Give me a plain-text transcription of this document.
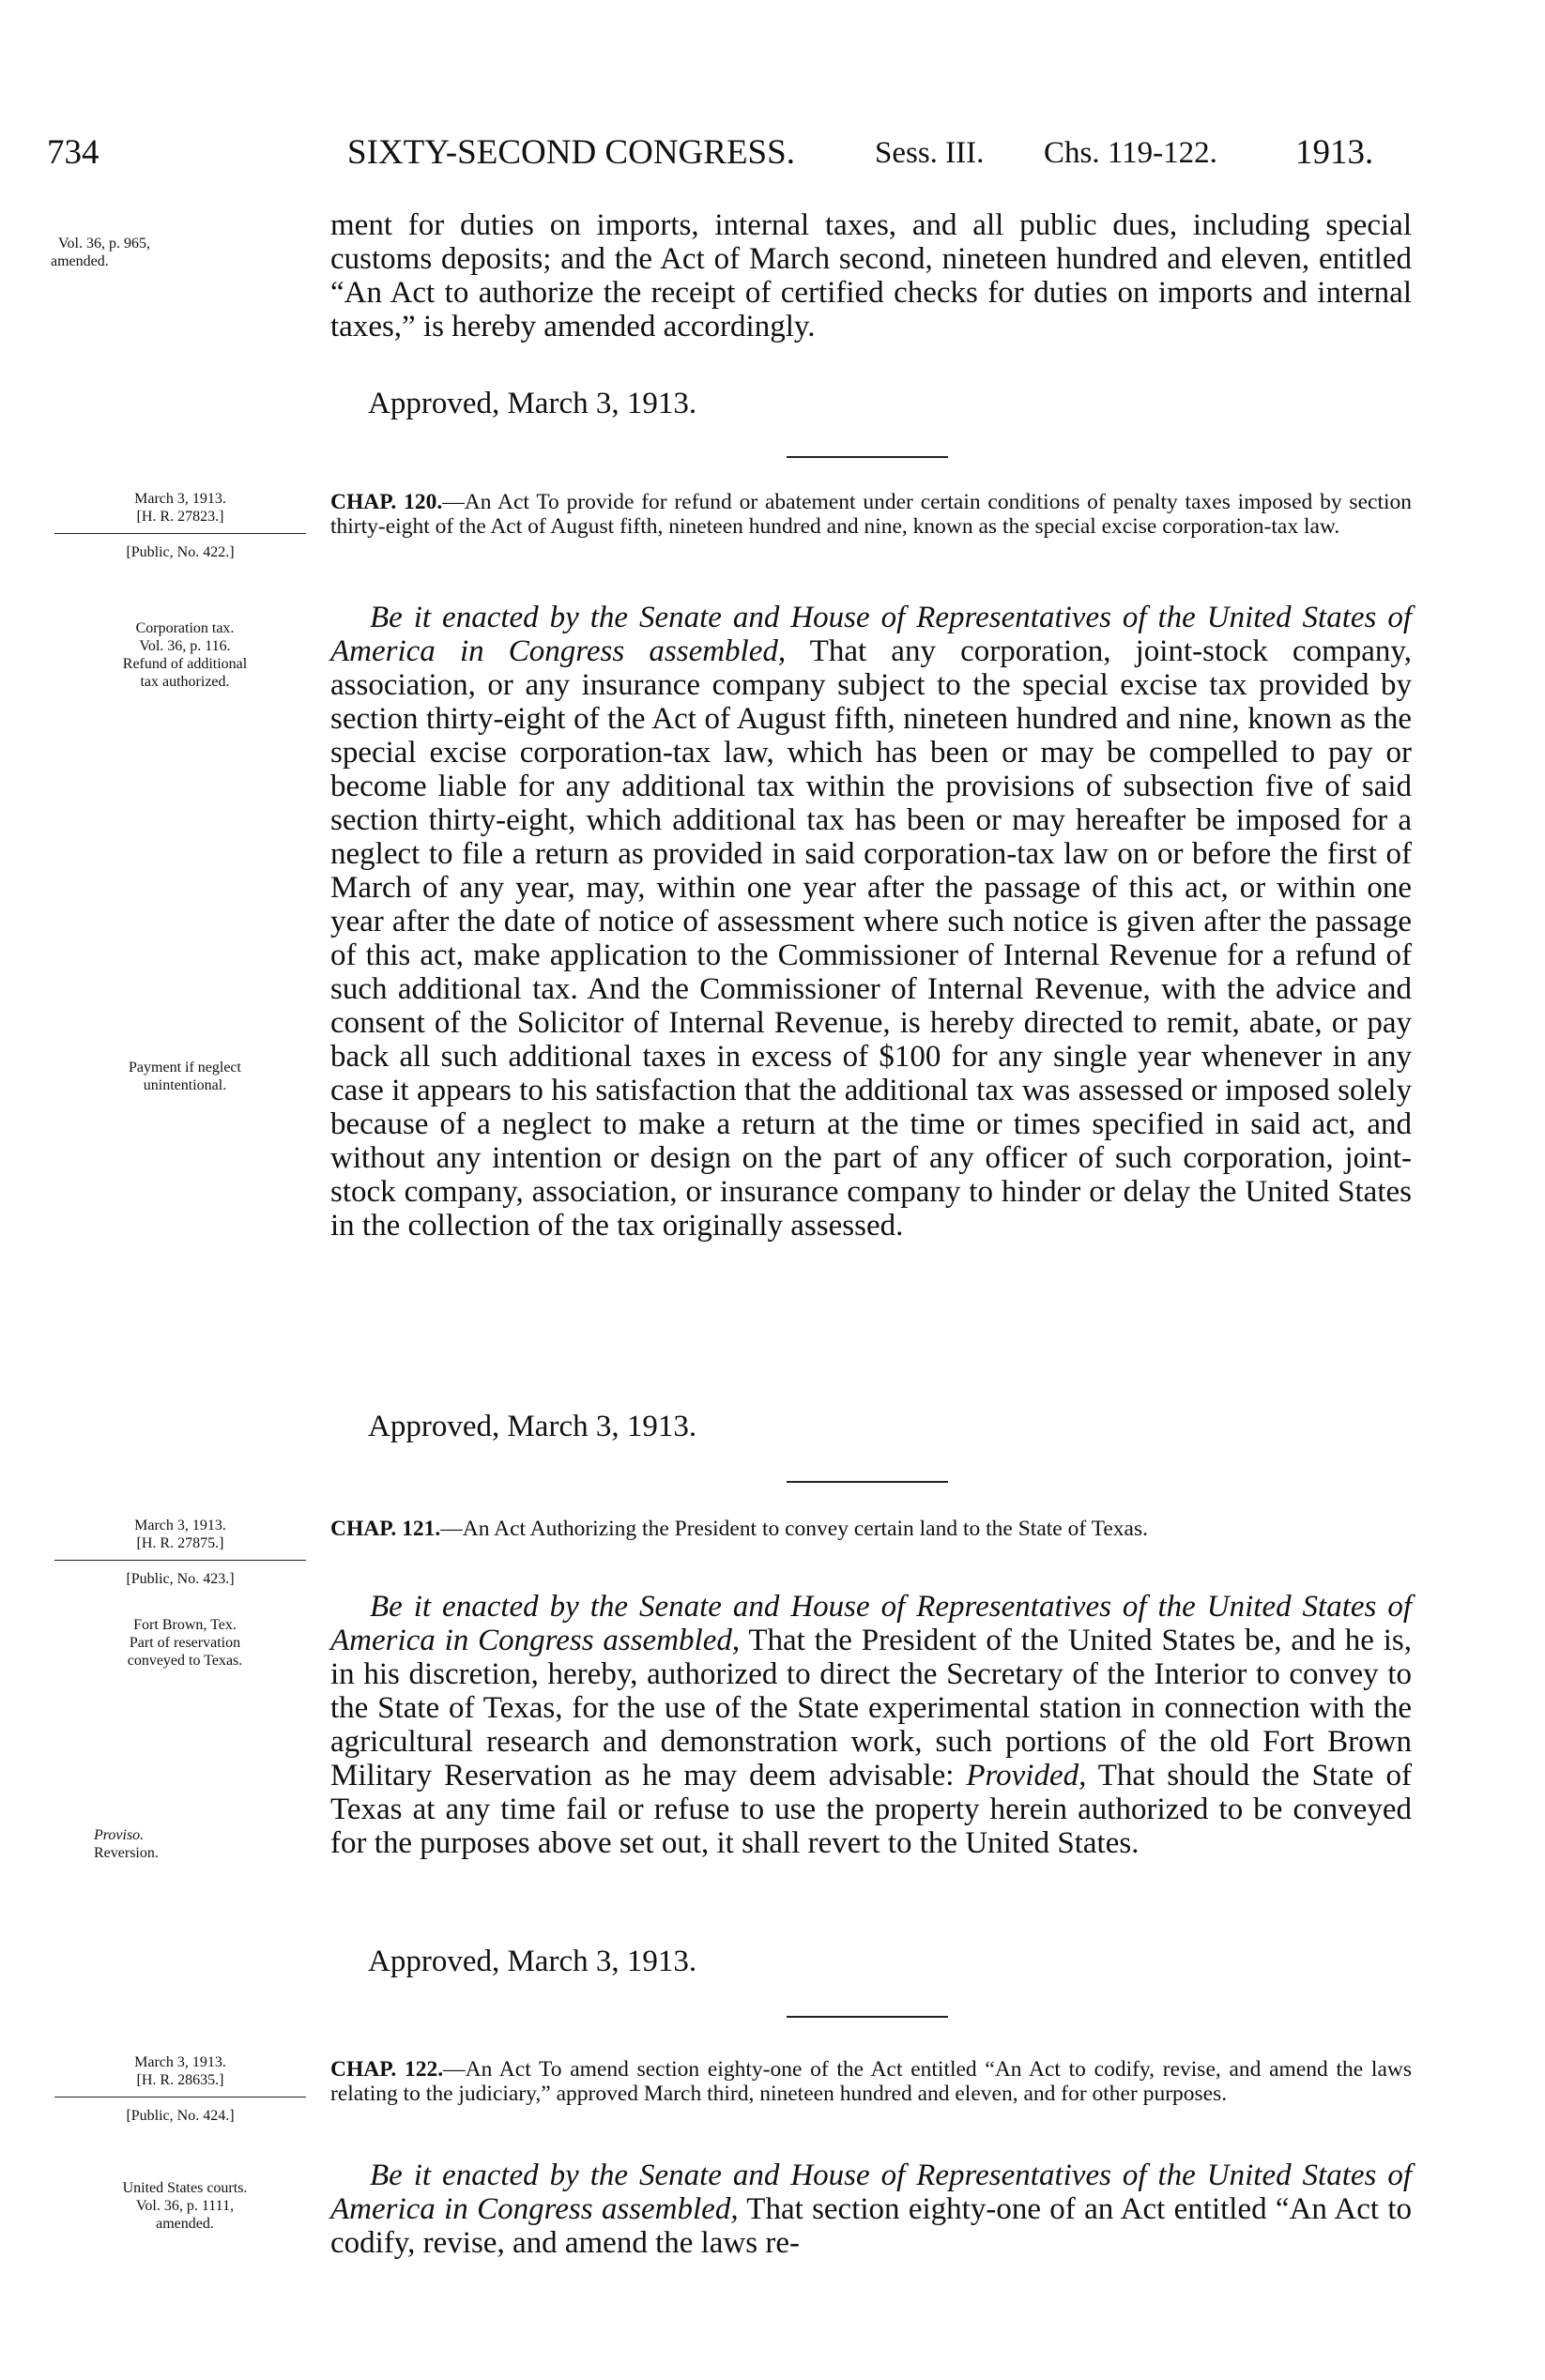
734	SIXTY-SECOND CONGRESS.	Sess. III. Chs. 119-122. 1913.
Vol. 36, p. 965,
amended.
ment for duties on imports, internal taxes, and all public dues, including special customs deposits; and the Act of March second, nineteen hundred and eleven, entitled “An Act to authorize the receipt of certified checks for duties on imports and internal taxes,” is hereby amended accordingly.
Approved, March 3, 1913.
March 3, 1913.
[H. R. 27823.]
[Public, No. 422.]
CHAP. 120.—An Act To provide for refund or abatement under certain conditions of penalty taxes imposed by section thirty-eight of the Act of August fifth, nineteen hundred and nine, known as the special excise corporation-tax law.
Corporation tax.
Vol. 36, p. 116.
Refund of additional
tax authorized.
Be it enacted by the Senate and House of Representatives of the United States of America in Congress assembled, That any corporation, joint-stock company, association, or any insurance company subject to the special excise tax provided by section thirty-eight of the Act of August fifth, nineteen hundred and nine, known as the special excise corporation-tax law, which has been or may be compelled to pay or become liable for any additional tax within the provisions of subsection five of said section thirty-eight, which additional tax has been or may hereafter be imposed for a neglect to file a return as provided in said corporation-tax law on or before the first of March of any year, may, within one year after the passage of this act, or within one year after the date of notice of assessment where such notice is given after the passage of this act, make application to the Commissioner of Internal Revenue for a refund of such additional tax. And the Commissioner of Internal Revenue, with the advice and consent of the Solicitor of Internal Revenue, is hereby directed to remit, abate, or pay back all such additional taxes in excess of $100 for any single year whenever in any case it appears to his satisfaction that the additional tax was assessed or imposed solely because of a neglect to make a return at the time or times specified in said act, and without any intention or design on the part of any officer of such corporation, joint-stock company, association, or insurance company to hinder or delay the United States in the collection of the tax originally assessed.
Payment if neglect
unintentional.
Approved, March 3, 1913.
March 3, 1913.
[H. R. 27875.]
[Public, No. 423.]
CHAP. 121.—An Act Authorizing the President to convey certain land to the State of Texas.
Fort Brown, Tex.
Part of reservation
conveyed to Texas.
Be it enacted by the Senate and House of Representatives of the United States of America in Congress assembled, That the President of the United States be, and he is, in his discretion, hereby, authorized to direct the Secretary of the Interior to convey to the State of Texas, for the use of the State experimental station in connection with the agricultural research and demonstration work, such portions of the old Fort Brown Military Reservation as he may deem advisable: Provided, That should the State of Texas at any time fail or refuse to use the property herein authorized to be conveyed for the purposes above set out, it shall revert to the United States.
Proviso.
Reversion.
Approved, March 3, 1913.
March 3, 1913.
[H. R. 28635.]
[Public, No. 424.]
CHAP. 122.—An Act To amend section eighty-one of the Act entitled “An Act to codify, revise, and amend the laws relating to the judiciary,” approved March third, nineteen hundred and eleven, and for other purposes.
United States courts.
Vol. 36, p. 1111,
amended.
Be it enacted by the Senate and House of Representatives of the United States of America in Congress assembled, That section eighty-one of an Act entitled “An Act to codify, revise, and amend the laws re-
